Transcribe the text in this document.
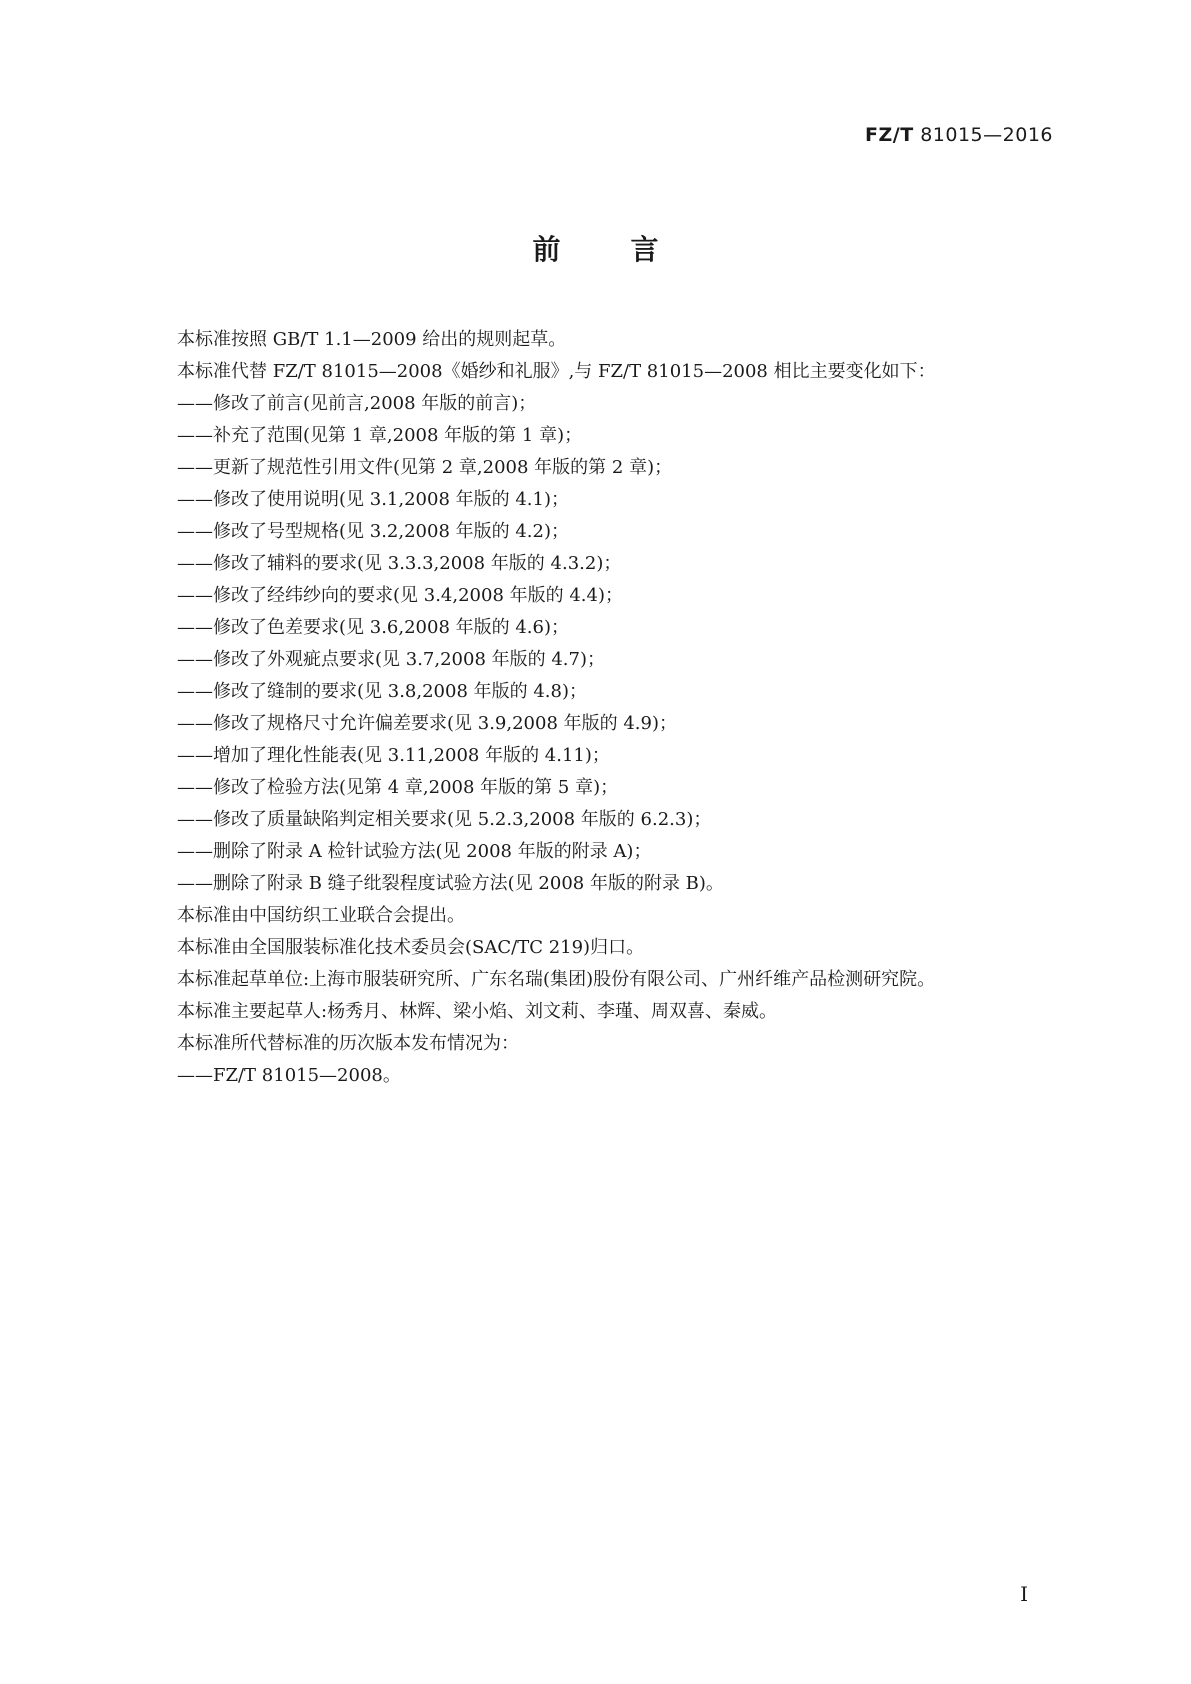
FZ/T 81015—2016
前言
本标准按照 GB/T 1.1—2009 给出的规则起草。
本标准代替 FZ/T 81015—2008《婚纱和礼服》,与 FZ/T 81015—2008 相比主要变化如下：
——修改了前言(见前言,2008 年版的前言)；
——补充了范围(见第 1 章,2008 年版的第 1 章)；
——更新了规范性引用文件(见第 2 章,2008 年版的第 2 章)；
——修改了使用说明(见 3.1,2008 年版的 4.1)；
——修改了号型规格(见 3.2,2008 年版的 4.2)；
——修改了辅料的要求(见 3.3.3,2008 年版的 4.3.2)；
——修改了经纬纱向的要求(见 3.4,2008 年版的 4.4)；
——修改了色差要求(见 3.6,2008 年版的 4.6)；
——修改了外观疵点要求(见 3.7,2008 年版的 4.7)；
——修改了缝制的要求(见 3.8,2008 年版的 4.8)；
——修改了规格尺寸允许偏差要求(见 3.9,2008 年版的 4.9)；
——增加了理化性能表(见 3.11,2008 年版的 4.11)；
——修改了检验方法(见第 4 章,2008 年版的第 5 章)；
——修改了质量缺陷判定相关要求(见 5.2.3,2008 年版的 6.2.3)；
——删除了附录 A 检针试验方法(见 2008 年版的附录 A)；
——删除了附录 B 缝子纰裂程度试验方法(见 2008 年版的附录 B)。
本标准由中国纺织工业联合会提出。
本标准由全国服装标准化技术委员会(SAC/TC 219)归口。
本标准起草单位:上海市服装研究所、广东名瑞(集团)股份有限公司、广州纤维产品检测研究院。
本标准主要起草人:杨秀月、林辉、梁小焰、刘文莉、李瑾、周双喜、秦威。
本标准所代替标准的历次版本发布情况为：
——FZ/T 81015—2008。
I
